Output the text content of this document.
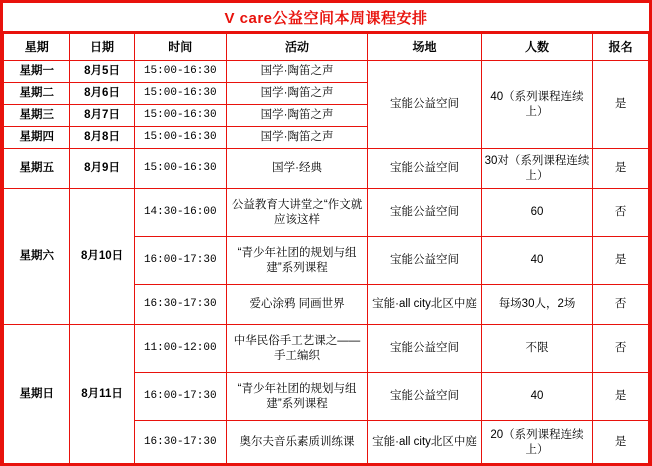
V care公益空间本周课程安排
星期	日期	时间	活动	场地	人数	报名
星期一	8月5日	15:00-16:30	国学·陶笛之声	宝能公益空间	40（系列课程连续上）	是
星期二	8月6日	15:00-16:30	国学·陶笛之声			
星期三	8月7日	15:00-16:30	国学·陶笛之声			
星期四	8月8日	15:00-16:30	国学·陶笛之声			
星期五	8月9日	15:00-16:30	国学·经典	宝能公益空间	30对（系列课程连续上）	是
星期六	8月10日	14:30-16:00	公益教育大讲堂之“作文就应该这样	宝能公益空间	60	否
		16:00-17:30	“青少年社团的规划与组建”系列课程	宝能公益空间	40	是
		16:30-17:30	爱心涂鸦 同画世界	宝能·all city北区中庭	每场30人，2场	否
星期日	8月11日	11:00-12:00	中华民俗手工艺课之——手工编织	宝能公益空间	不限	否
		16:00-17:30	“青少年社团的规划与组建”系列课程	宝能公益空间	40	是
		16:30-17:30	奥尔夫音乐素质训练课	宝能·all city北区中庭	20（系列课程连续上）	是
